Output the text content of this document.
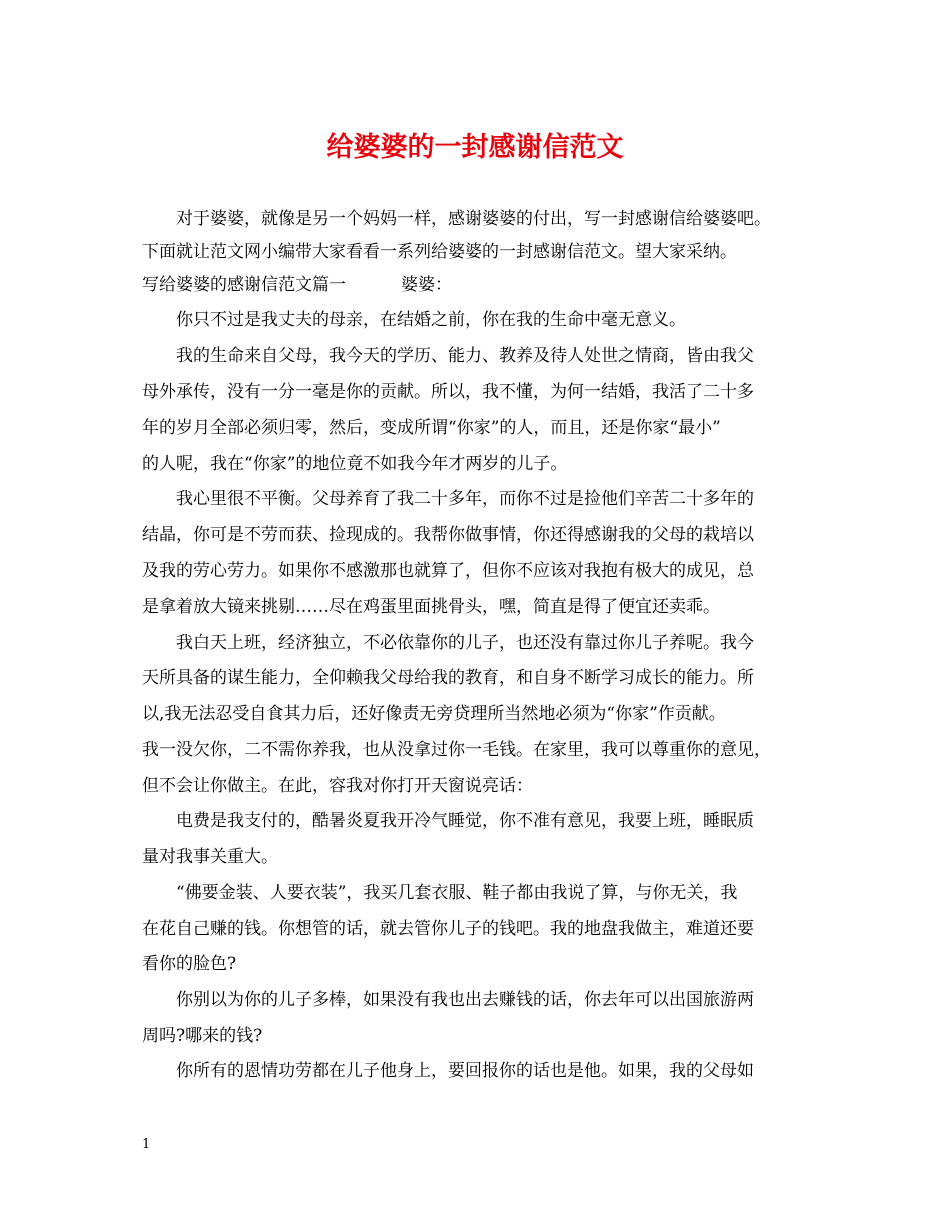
给婆婆的一封感谢信范文
对于婆婆，就像是另一个妈妈一样，感谢婆婆的付出，写一封感谢信给婆婆吧。
下面就让范文网小编带大家看看一系列给婆婆的一封感谢信范文。望大家采纳。
写给婆婆的感谢信范文篇一	婆婆：
你只不过是我丈夫的母亲，在结婚之前，你在我的生命中毫无意义。
我的生命来自父母，我今天的学历、能力、教养及待人处世之情商，皆由我父
母外承传，没有一分一毫是你的贡献。所以，我不懂，为何一结婚，我活了二十多
年的岁月全部必须归零，然后，变成所谓“你家”的人，而且，还是你家“最小”
的人呢，我在“你家”的地位竟不如我今年才两岁的儿子。
我心里很不平衡。父母养育了我二十多年，而你不过是捡他们辛苦二十多年的
结晶，你可是不劳而获、捡现成的。我帮你做事情，你还得感谢我的父母的栽培以
及我的劳心劳力。如果你不感激那也就算了，但你不应该对我抱有极大的成见，总
是拿着放大镜来挑剔……尽在鸡蛋里面挑骨头，嘿，简直是得了便宜还卖乖。
我白天上班，经济独立，不必依靠你的儿子，也还没有靠过你儿子养呢。我今
天所具备的谋生能力，全仰赖我父母给我的教育，和自身不断学习成长的能力。所
以,我无法忍受自食其力后，还好像责无旁贷理所当然地必须为“你家”作贡献。
我一没欠你，二不需你养我，也从没拿过你一毛钱。在家里，我可以尊重你的意见，
但不会让你做主。在此，容我对你打开天窗说亮话：
电费是我支付的，酷暑炎夏我开冷气睡觉，你不准有意见，我要上班，睡眠质
量对我事关重大。
“佛要金装、人要衣装”，我买几套衣服、鞋子都由我说了算，与你无关，我
在花自己赚的钱。你想管的话，就去管你儿子的钱吧。我的地盘我做主，难道还要
看你的脸色?
你别以为你的儿子多棒，如果没有我也出去赚钱的话，你去年可以出国旅游两
周吗?哪来的钱?
你所有的恩情功劳都在儿子他身上，要回报你的话也是他。如果，我的父母如
1
